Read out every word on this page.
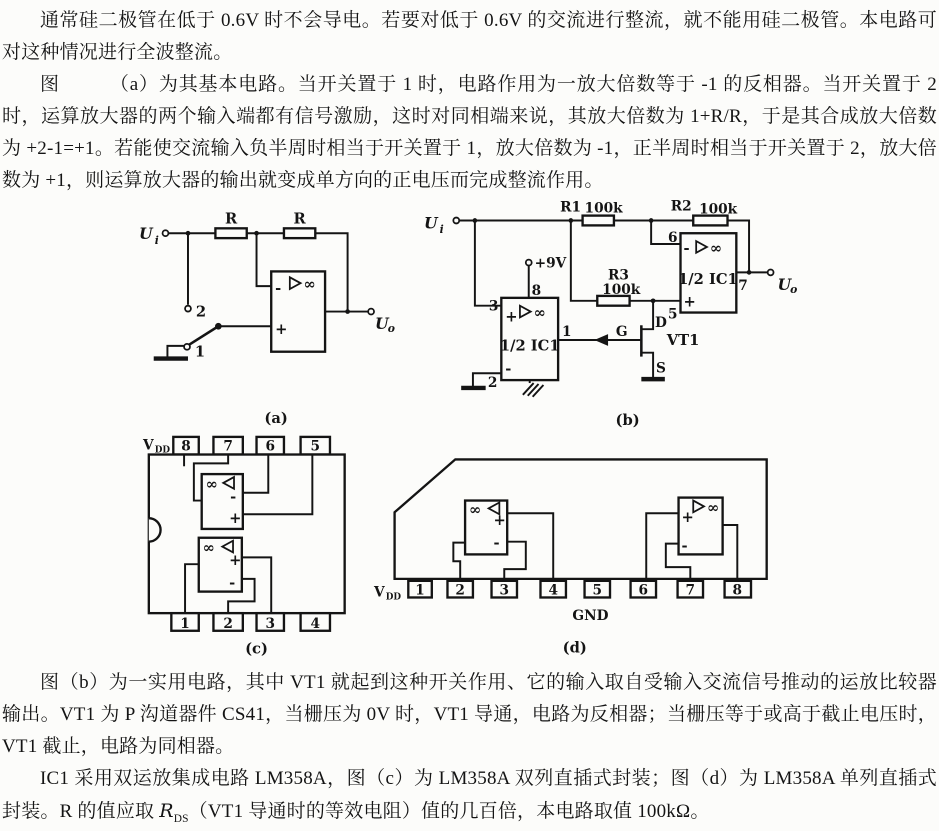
通常硅二极管在低于 0.6V 时不会导电。若要对低于 0.6V 的交流进行整流，就不能用硅二极管。本电路可对这种情况进行全波整流。

图　　　（a）为其基本电路。当开关置于 1 时，电路作用为一放大倍数等于 -1 的反相器。当开关置于 2 时，运算放大器的两个输入端都有信号激励，这时对同相端来说，其放大倍数为 1+R/R，于是其合成放大倍数为 +2-1=+1。若能使交流输入负半周时相当于开关置于 1，放大倍数为 -1，正半周时相当于开关置于 2，放大倍数为 +1，则运算放大器的输出就变成单方向的正电压而完成整流作用。

∞
-
+
R	R
U i
2
1
U o
(a)
∞
∞
1/2 IC1
1/2 IC1
+
-
-
+
R1 100k	R2 100k
R3
100k
+9V
8
3
2
1
6
5
7
G
D
S
VT1
U i
U o
(b)
∞
-
+
∞
+
-
V DD 8 7 6	5
1 2 3	4
(c)
∞
+
-
∞
+
-
V DD 1 2 3	4 5	6	7	8
GND
(d)

图（b）为一实用电路，其中 VT1 就起到这种开关作用、它的输入取自受输入交流信号推动的运放比较器输出。VT1 为 P 沟道器件 CS41，当栅压为 0V 时，VT1 导通，电路为反相器；当栅压等于或高于截止电压时，VT1 截止，电路为同相器。

IC1 采用双运放集成电路 LM358A，图（c）为 LM358A 双列直插式封装；图（d）为 LM358A 单列直插式封装。R 的值应取 $R_{DS}(VT1$ 导通时的等效电阻）值的几百倍，本电路取值 100kΩ。
